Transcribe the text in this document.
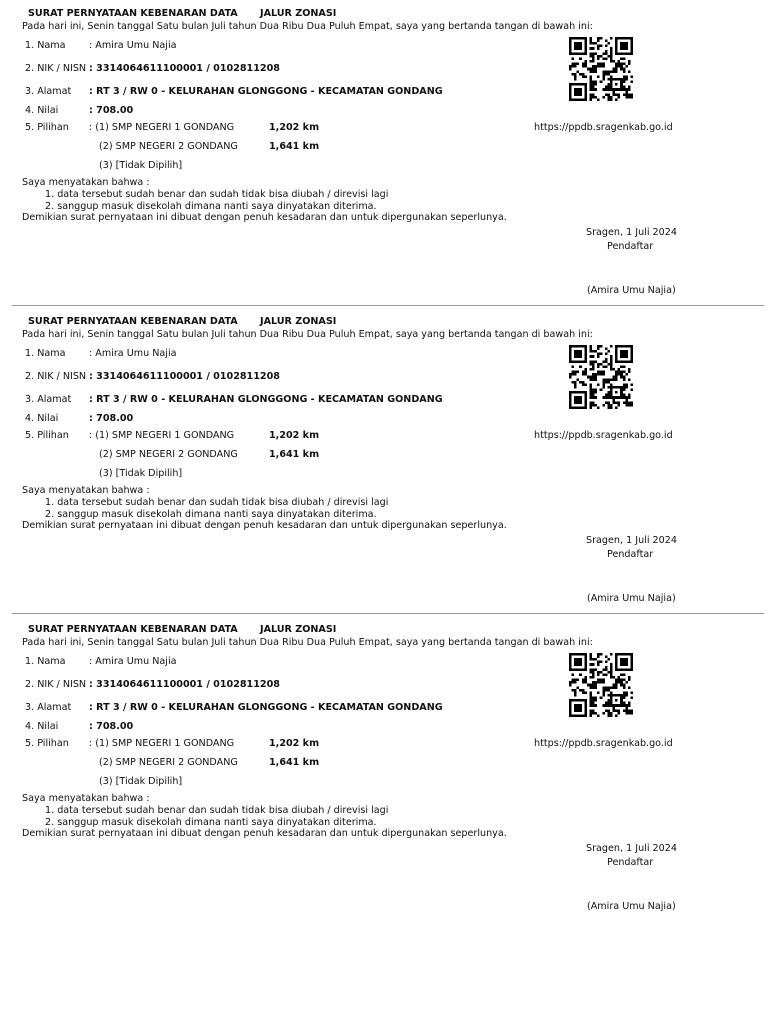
SURAT PERNYATAAN KEBENARAN DATA JALUR ZONASI
Pada hari ini, Senin tanggal Satu bulan Juli tahun Dua Ribu Dua Puluh Empat, saya yang bertanda tangan di bawah ini:
1. Nama : Amira Umu Najia
2. NIK / NISN : 3314064611100001 / 0102811208
3. Alamat : RT 3 / RW 0 - KELURAHAN GLONGGONG - KECAMATAN GONDANG
4. Nilai	: 708.00
5. Pilihan : (1) SMP NEGERI 1 GONDANG	1,202 km
(2) SMP NEGERI 2 GONDANG	1,641 km
(3) [Tidak Dipilih]
https://ppdb.sragenkab.go.id
Saya menyatakan bahwa :
1. data tersebut sudah benar dan sudah tidak bisa diubah / direvisi lagi
2. sanggup masuk disekolah dimana nanti saya dinyatakan diterima.
Demikian surat pernyataan ini dibuat dengan penuh kesadaran dan untuk dipergunakan seperlunya.
Sragen, 1 Juli 2024
Pendaftar
(Amira Umu Najia)
SURAT PERNYATAAN KEBENARAN DATA JALUR ZONASI
Pada hari ini, Senin tanggal Satu bulan Juli tahun Dua Ribu Dua Puluh Empat, saya yang bertanda tangan di bawah ini:
1. Nama : Amira Umu Najia
2. NIK / NISN : 3314064611100001 / 0102811208
3. Alamat : RT 3 / RW 0 - KELURAHAN GLONGGONG - KECAMATAN GONDANG
4. Nilai	: 708.00
5. Pilihan : (1) SMP NEGERI 1 GONDANG	1,202 km
(2) SMP NEGERI 2 GONDANG	1,641 km
(3) [Tidak Dipilih]
https://ppdb.sragenkab.go.id
Saya menyatakan bahwa :
1. data tersebut sudah benar dan sudah tidak bisa diubah / direvisi lagi
2. sanggup masuk disekolah dimana nanti saya dinyatakan diterima.
Demikian surat pernyataan ini dibuat dengan penuh kesadaran dan untuk dipergunakan seperlunya.
Sragen, 1 Juli 2024
Pendaftar
(Amira Umu Najia)
SURAT PERNYATAAN KEBENARAN DATA JALUR ZONASI
Pada hari ini, Senin tanggal Satu bulan Juli tahun Dua Ribu Dua Puluh Empat, saya yang bertanda tangan di bawah ini:
1. Nama : Amira Umu Najia
2. NIK / NISN : 3314064611100001 / 0102811208
3. Alamat : RT 3 / RW 0 - KELURAHAN GLONGGONG - KECAMATAN GONDANG
4. Nilai	: 708.00
5. Pilihan : (1) SMP NEGERI 1 GONDANG	1,202 km
(2) SMP NEGERI 2 GONDANG	1,641 km
(3) [Tidak Dipilih]
https://ppdb.sragenkab.go.id
Saya menyatakan bahwa :
1. data tersebut sudah benar dan sudah tidak bisa diubah / direvisi lagi
2. sanggup masuk disekolah dimana nanti saya dinyatakan diterima.
Demikian surat pernyataan ini dibuat dengan penuh kesadaran dan untuk dipergunakan seperlunya.
Sragen, 1 Juli 2024
Pendaftar
(Amira Umu Najia)
